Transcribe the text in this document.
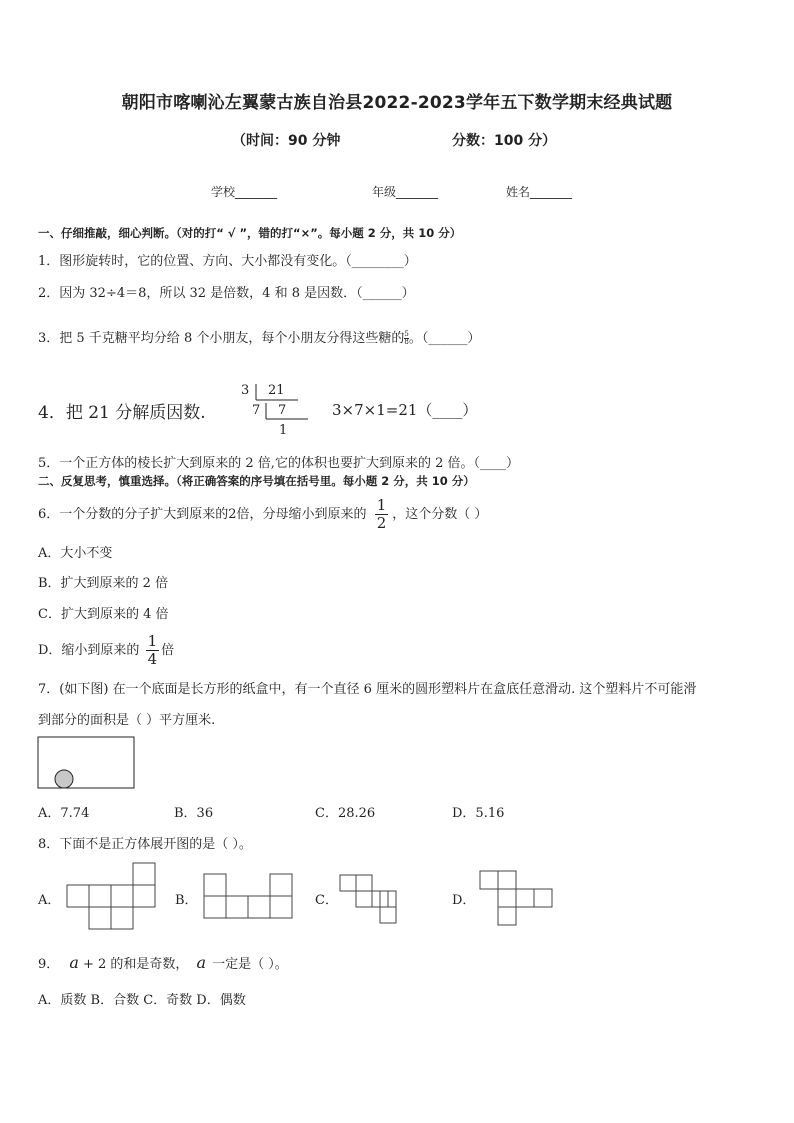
朝阳市喀喇沁左翼蒙古族自治县2022-2023学年五下数学期末经典试题
（时间：90 分钟	分数：100 分）
学校_______	年级_______	姓名_______
一、仔细推敲，细心判断。（对的打“ √ ”，错的打“×”。每小题 2 分，共 10 分）
1．图形旋转时，它的位置、方向、大小都没有变化。（________）
2．因为 32÷4＝8，所以 32 是倍数，4 和 8 是因数．（______）
3．把 5 千克糖平均分给 8 个小朋友，每个小朋友分得这些糖的 $\frac{5}{8}$。（______）
4．把 21 分解质因数.
3 21
7 7
1
3×7×1=21（____）
5．一个正方体的棱长扩大到原来的 2 倍,它的体积也要扩大到原来的 2 倍。（____）
二、反复思考，慎重选择。（将正确答案的序号填在括号里。每小题 2 分，共 10 分）
6．一个分数的分子扩大到原来的2倍，分母缩小到原来的 $\frac{1}{2}$ ，这个分数（ ）
A．大小不变
B．扩大到原来的 2 倍
C．扩大到原来的 4 倍
D．缩小到原来的 $\frac{1}{4}$ 倍
7．(如下图) 在一个底面是长方形的纸盒中，有一个直径 6 厘米的圆形塑料片在盒底任意滑动. 这个塑料片不可能滑
到部分的面积是（ ）平方厘米.
A．7.74	B．36	C．28.26	D．5.16
8．下面不是正方体展开图的是（ ）。
A．	B．	C．	D．
9． a + 2 的和是奇数， a 一定是（ ）。
A．质数 B．合数 C．奇数 D．偶数
